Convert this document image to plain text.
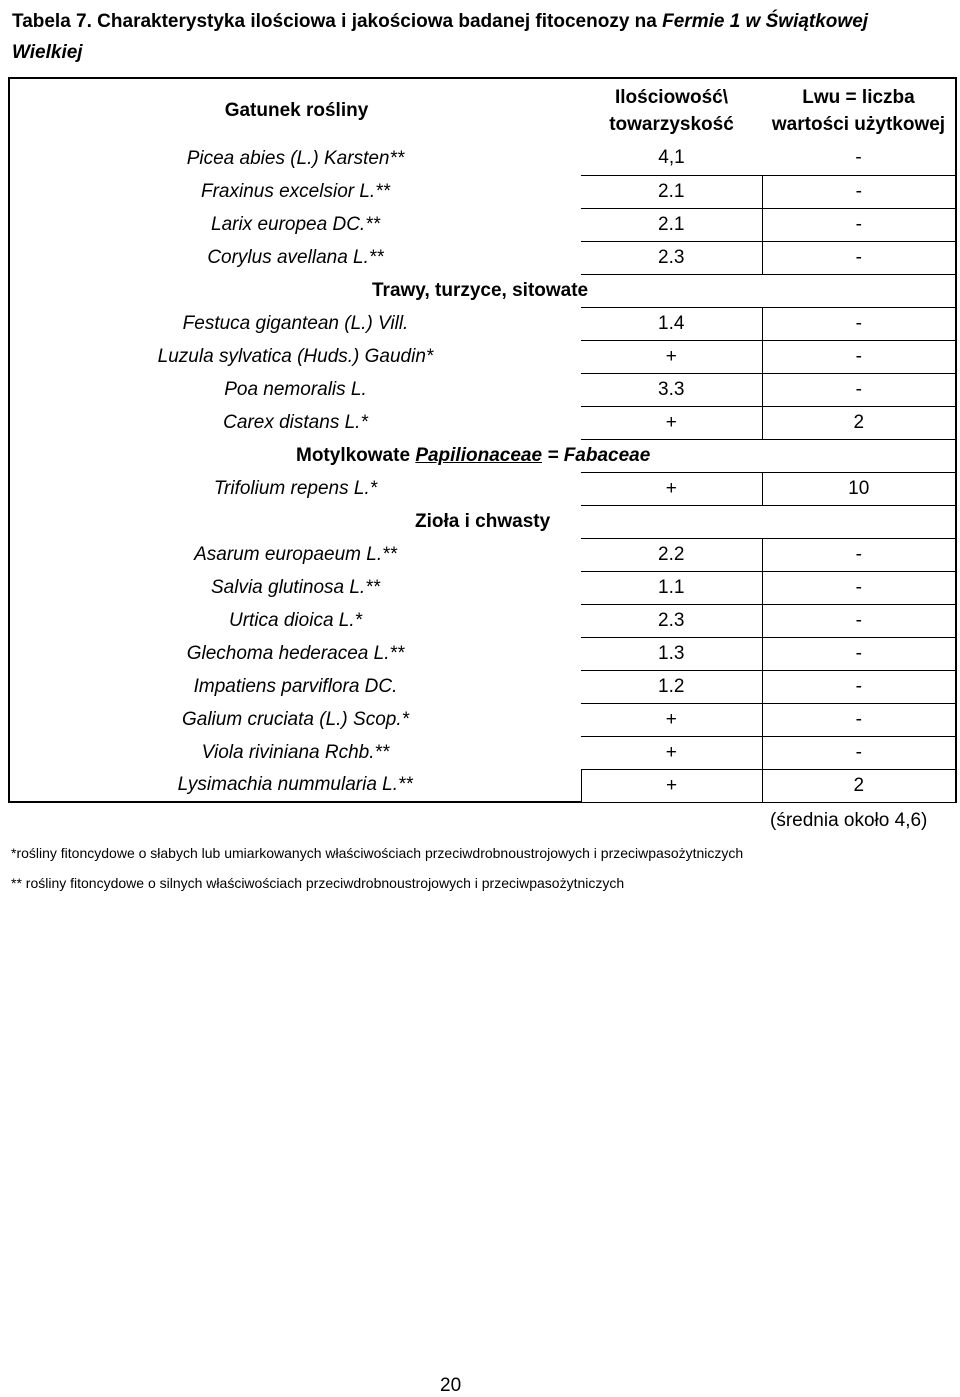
Tabela 7. Charakterystyka ilościowa i jakościowa badanej fitocenozy na Fermie 1 w Świątkowej Wielkiej
Gatunek rośliny	Ilościowość\ towarzyskość	Lwu = liczba wartości użytkowej
Picea abies (L.) Karsten**	4,1	-
Fraxinus excelsior L.**	2.1	-
Larix europea DC.**	2.1	-
Corylus avellana L.**	2.3	-
Trawy, turzyce, sitowate		
Festuca gigantean (L.) Vill.	1.4	-
Luzula sylvatica (Huds.) Gaudin*	+	-
Poa nemoralis L.	3.3	-
Carex distans L.*	+	2
Motylkowate Papilionaceae = Fabaceae		
Trifolium repens L.*	+	10
Zioła i chwasty		
Asarum europaeum L.**	2.2	-
Salvia glutinosa L.**	1.1	-
Urtica dioica L.*	2.3	-
Glechoma hederacea L.**	1.3	-
Impatiens parviflora DC.	1.2	-
Galium cruciata (L.) Scop.*	+	-
Viola riviniana Rchb.**	+	-
Lysimachia nummularia L.**	+	2
(średnia około 4,6)
*rośliny fitoncydowe o słabych lub umiarkowanych właściwościach przeciwdrobnoustrojowych i przeciwpasożytniczych
** rośliny fitoncydowe o silnych właściwościach przeciwdrobnoustrojowych i przeciwpasożytniczych
20
